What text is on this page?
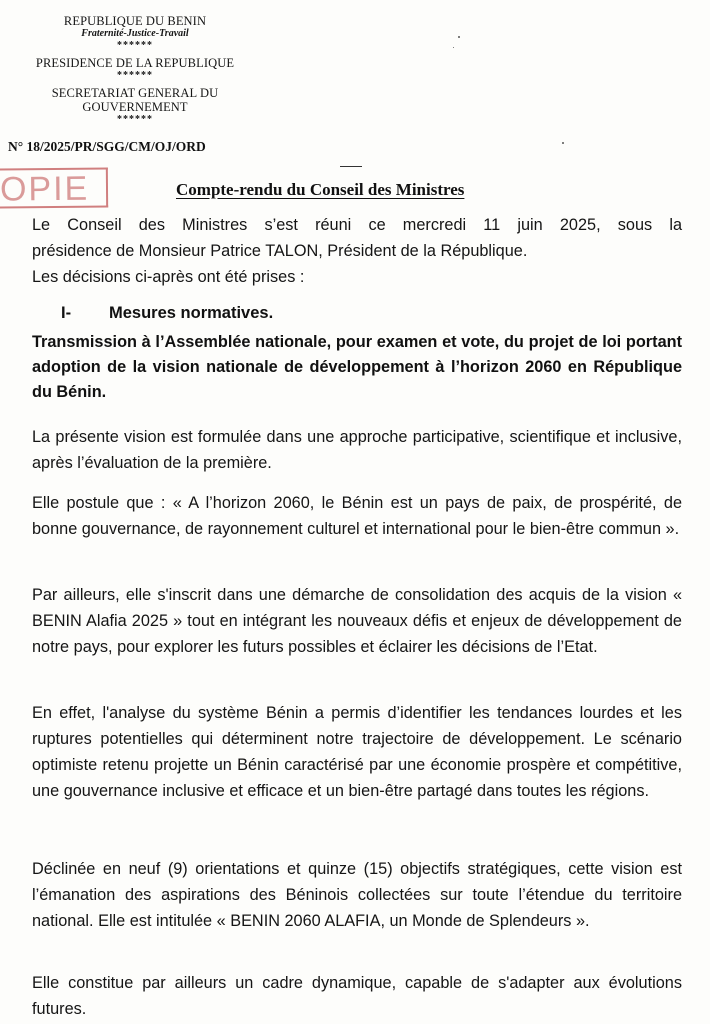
REPUBLIQUE DU BENIN
Fraternité-Justice-Travail
******
PRESIDENCE DE LA REPUBLIQUE
******
SECRETARIAT GENERAL DU
GOUVERNEMENT
******
N° 18/2025/PR/SGG/CM/OJ/ORD
OPIE	Compte-rendu du Conseil des Ministres

Le Conseil des Ministres s’est réuni ce mercredi 11 juin 2025, sous la

présidence de Monsieur Patrice TALON, Président de la République.

Les décisions ci-après ont été prises :

I- Mesures normatives.
Transmission à l’Assemblée nationale, pour examen et vote, du projet de loi portant adoption de la vision nationale de développement à l’horizon 2060 en République du Bénin.

La présente vision est formulée dans une approche participative, scientifique et inclusive, après l’évaluation de la première.

Elle postule que : « A l’horizon 2060, le Bénin est un pays de paix, de prospérité, de bonne gouvernance, de rayonnement culturel et international pour le bien-être commun ».

Par ailleurs, elle s'inscrit dans une démarche de consolidation des acquis de la vision « BENIN Alafia 2025 » tout en intégrant les nouveaux défis et enjeux de développement de notre pays, pour explorer les futurs possibles et éclairer les décisions de l’Etat.

En effet, l'analyse du système Bénin a permis d’identifier les tendances lourdes et les ruptures potentielles qui déterminent notre trajectoire de développement. Le scénario optimiste retenu projette un Bénin caractérisé par une économie prospère et compétitive, une gouvernance inclusive et efficace et un bien-être partagé dans toutes les régions.

Déclinée en neuf (9) orientations et quinze (15) objectifs stratégiques, cette vision est l’émanation des aspirations des Béninois collectées sur toute l’étendue du territoire national. Elle est intitulée « BENIN 2060 ALAFIA, un Monde de Splendeurs ».

Elle constitue par ailleurs un cadre dynamique, capable de s'adapter aux évolutions futures.
